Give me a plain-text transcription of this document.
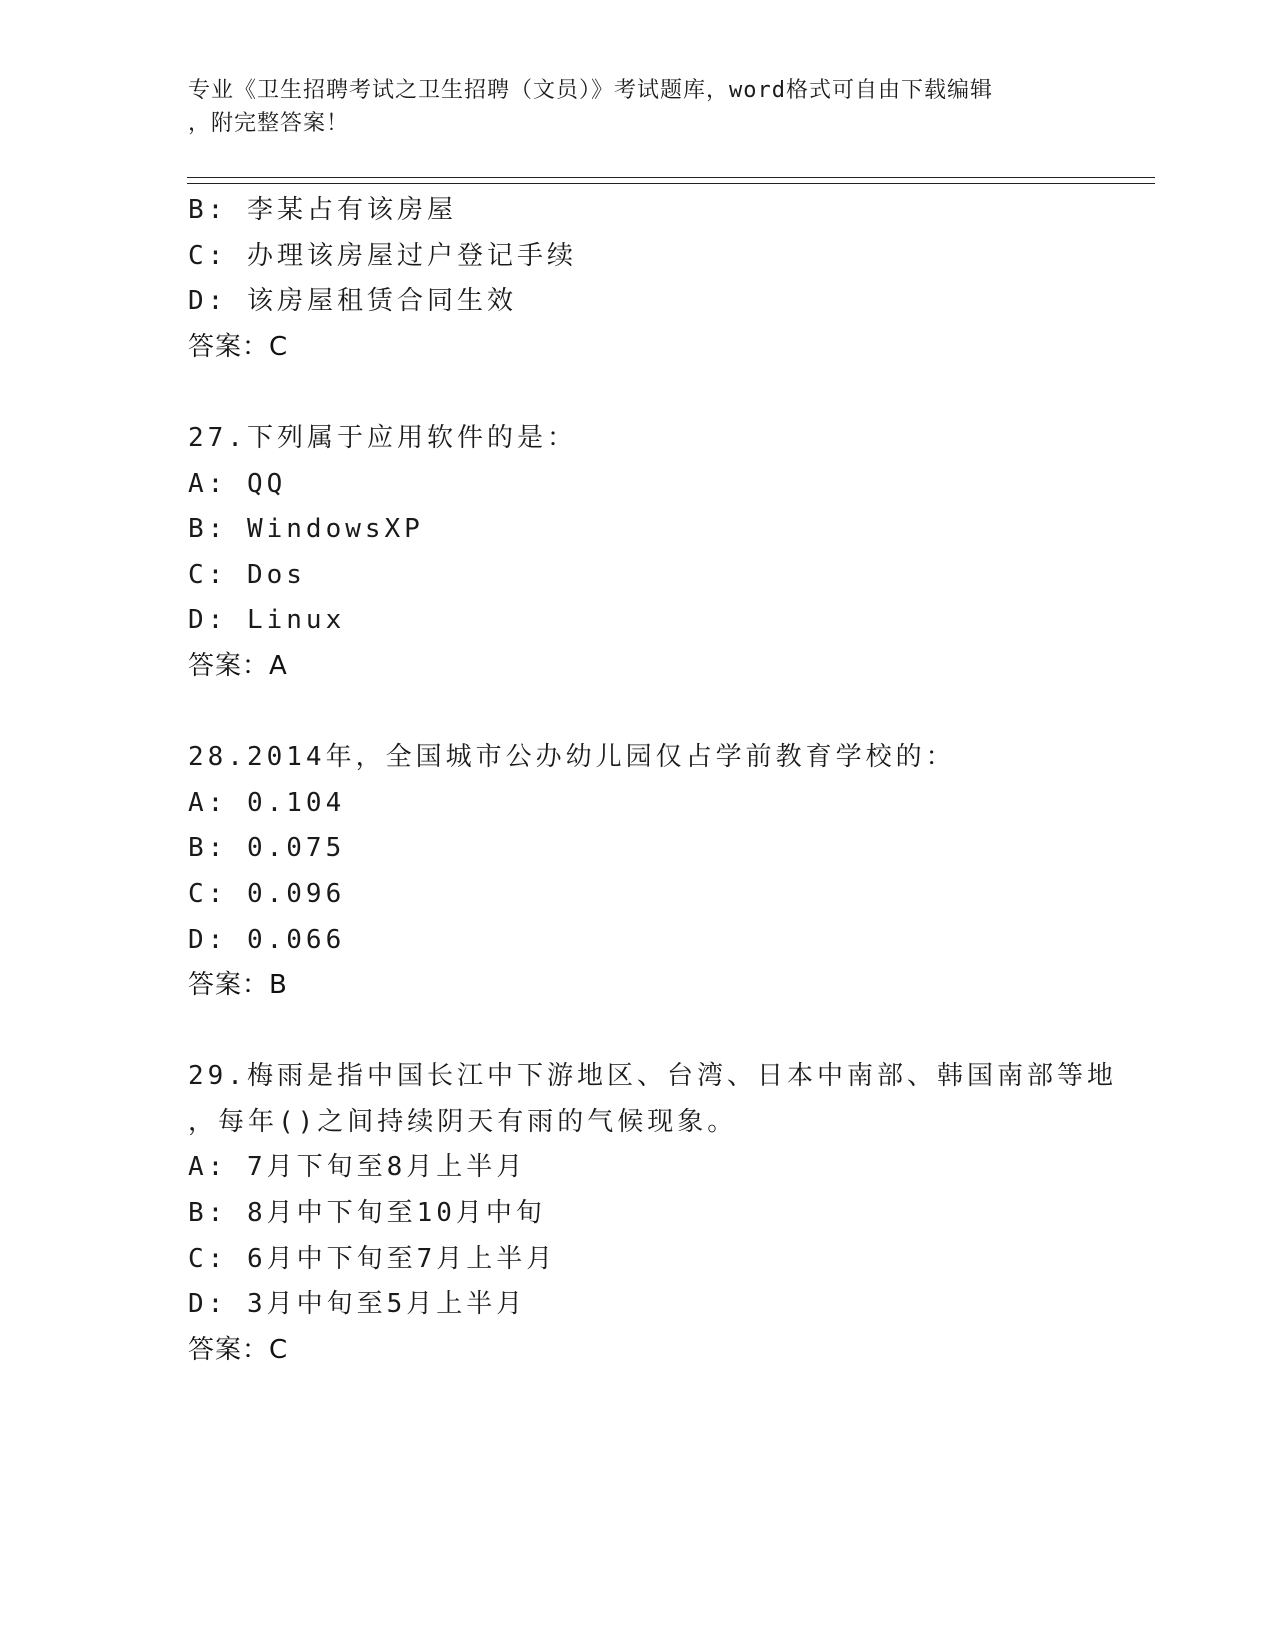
专业《卫生招聘考试之卫生招聘（文员）》考试题库，word格式可自由下载编辑
，附完整答案！
B: 李某占有该房屋
C: 办理该房屋过户登记手续
D: 该房屋租赁合同生效
答案：C
27.下列属于应用软件的是：
A: QQ
B: WindowsXP
C: Dos
D: Linux
答案：A
28.2014年，全国城市公办幼儿园仅占学前教育学校的：
A: 0.104
B: 0.075
C: 0.096
D: 0.066
答案：B
29.梅雨是指中国长江中下游地区、台湾、日本中南部、韩国南部等地
，每年()之间持续阴天有雨的气候现象。
A: 7月下旬至8月上半月
B: 8月中下旬至10月中旬
C: 6月中下旬至7月上半月
D: 3月中旬至5月上半月
答案：C
